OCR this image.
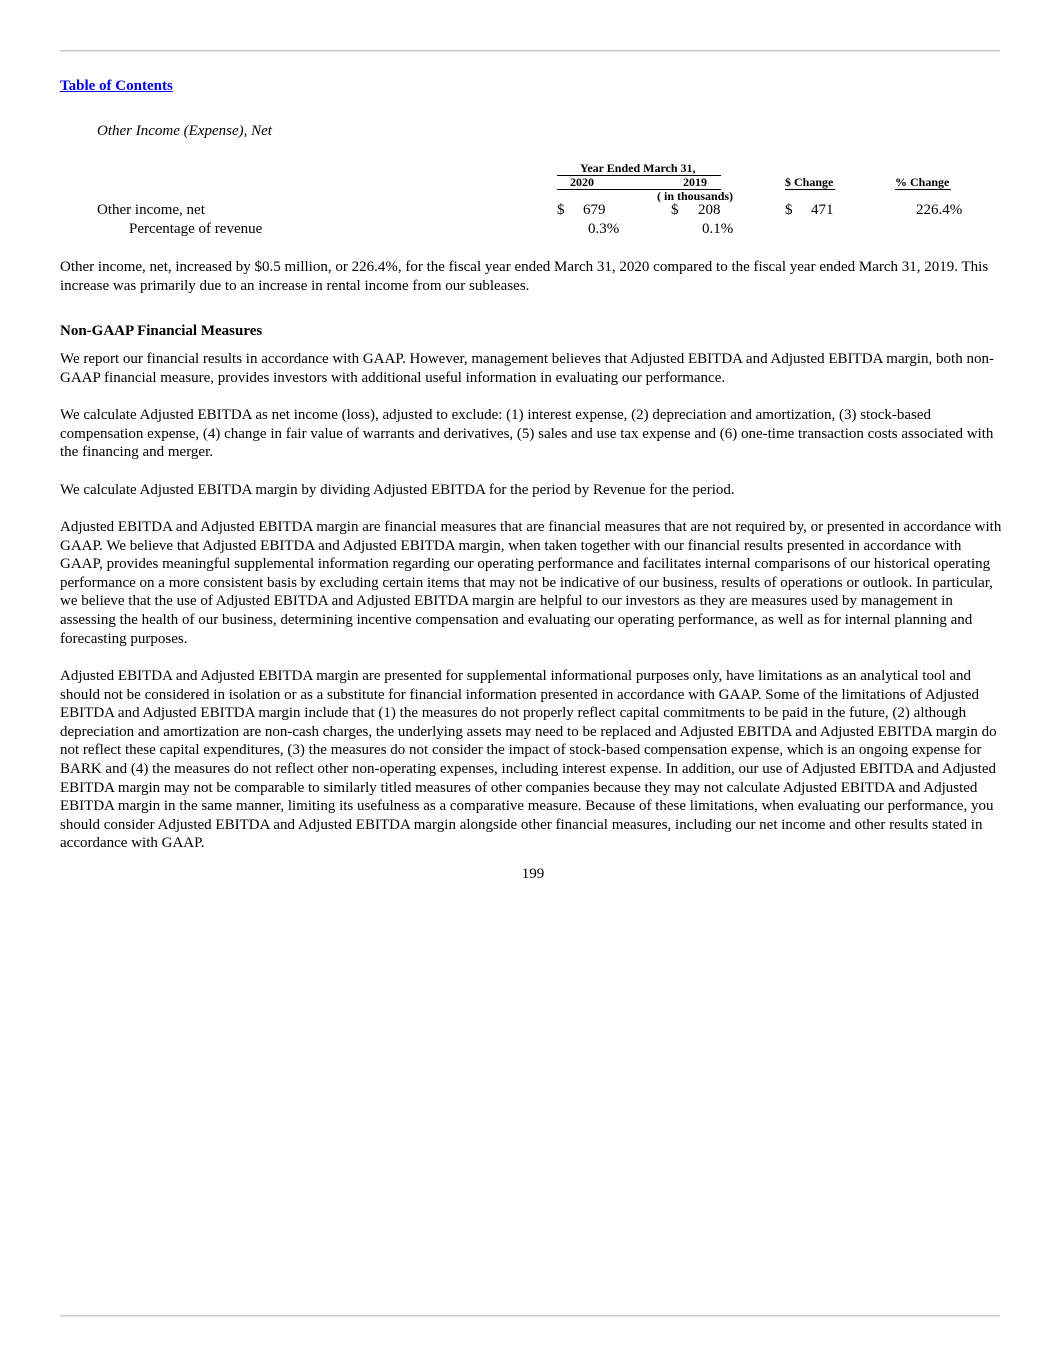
Table of Contents
Other Income (Expense), Net
Year Ended March 31,
2020	2019	$ Change	% Change
( in thousands)
Other income, net	$ 679	$ 208	$ 471	226.4%
Percentage of revenue	0.3%	0.1%

Other income, net, increased by $0.5 million, or 226.4%, for the fiscal year ended March 31, 2020 compared to the fiscal year ended March 31, 2019. This increase was primarily due to an increase in rental income from our subleases.

Non-GAAP Financial Measures

We report our financial results in accordance with GAAP. However, management believes that Adjusted EBITDA and Adjusted EBITDA margin, both non-GAAP financial measure, provides investors with additional useful information in evaluating our performance.

We calculate Adjusted EBITDA as net income (loss), adjusted to exclude: (1) interest expense, (2) depreciation and amortization, (3) stock-based compensation expense, (4) change in fair value of warrants and derivatives, (5) sales and use tax expense and (6) one-time transaction costs associated with the financing and merger.

We calculate Adjusted EBITDA margin by dividing Adjusted EBITDA for the period by Revenue for the period.

Adjusted EBITDA and Adjusted EBITDA margin are financial measures that are financial measures that are not required by, or presented in accordance with GAAP. We believe that Adjusted EBITDA and Adjusted EBITDA margin, when taken together with our financial results presented in accordance with GAAP, provides meaningful supplemental information regarding our operating performance and facilitates internal comparisons of our historical operating performance on a more consistent basis by excluding certain items that may not be indicative of our business, results of operations or outlook. In particular, we believe that the use of Adjusted EBITDA and Adjusted EBITDA margin are helpful to our investors as they are measures used by management in assessing the health of our business, determining incentive compensation and evaluating our operating performance, as well as for internal planning and forecasting purposes.

Adjusted EBITDA and Adjusted EBITDA margin are presented for supplemental informational purposes only, have limitations as an analytical tool and should not be considered in isolation or as a substitute for financial information presented in accordance with GAAP. Some of the limitations of Adjusted EBITDA and Adjusted EBITDA margin include that (1) the measures do not properly reflect capital commitments to be paid in the future, (2) although depreciation and amortization are non-cash charges, the underlying assets may need to be replaced and Adjusted EBITDA and Adjusted EBITDA margin do not reflect these capital expenditures, (3) the measures do not consider the impact of stock-based compensation expense, which is an ongoing expense for BARK and (4) the measures do not reflect other non-operating expenses, including interest expense. In addition, our use of Adjusted EBITDA and Adjusted EBITDA margin may not be comparable to similarly titled measures of other companies because they may not calculate Adjusted EBITDA and Adjusted EBITDA margin in the same manner, limiting its usefulness as a comparative measure. Because of these limitations, when evaluating our performance, you should consider Adjusted EBITDA and Adjusted EBITDA margin alongside other financial measures, including our net income and other results stated in accordance with GAAP.

199
